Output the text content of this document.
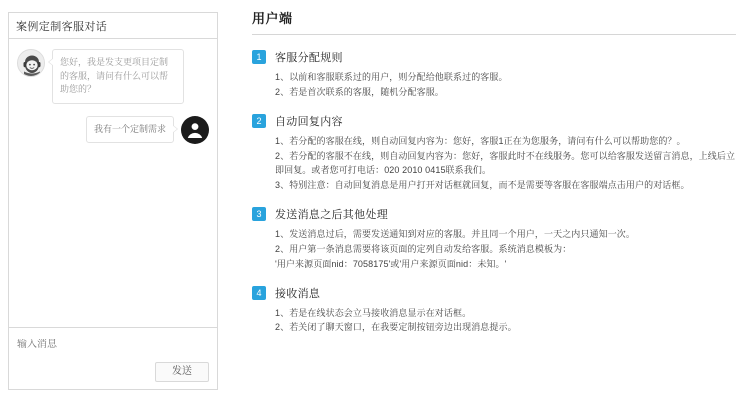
案例定制客服对话
您好，我是发支更项目定制的客服，请问有什么可以帮助您的？
我有一个定制需求
输入消息
发送
用户端
1	客服分配规则
1、以前和客服联系过的用户，则分配给他联系过的客服。
2、若是首次联系的客服，随机分配客服。
2	自动回复内容
1、若分配的客服在线，则自动回复内容为：您好，客服1正在为您服务，请问有什么可以帮助您的？。
2、若分配的客服不在线，则自动回复内容为：您好，客服此时不在线服务。您可以给客服发送留言消息，上线后立即回复。或者您可打电话：020 2010 0415联系我们。
3、特别注意：自动回复消息是用户打开对话框就回复，而不是需要等客服在客服端点击用户的对话框。
3	发送消息之后其他处理
1、发送消息过后，需要发送通知到对应的客服。并且同一个用户，一天之内只通知一次。
2、用户第一条消息需要将该页面的定列自动发给客服。系统消息模板为：
'用户来源页面nid：7058175'或'用户来源页面nid：未知。'
4	接收消息
1、若是在线状态会立马接收消息显示在对话框。
2、若关闭了聊天窗口，在我要定制按钮旁边出现消息提示。
